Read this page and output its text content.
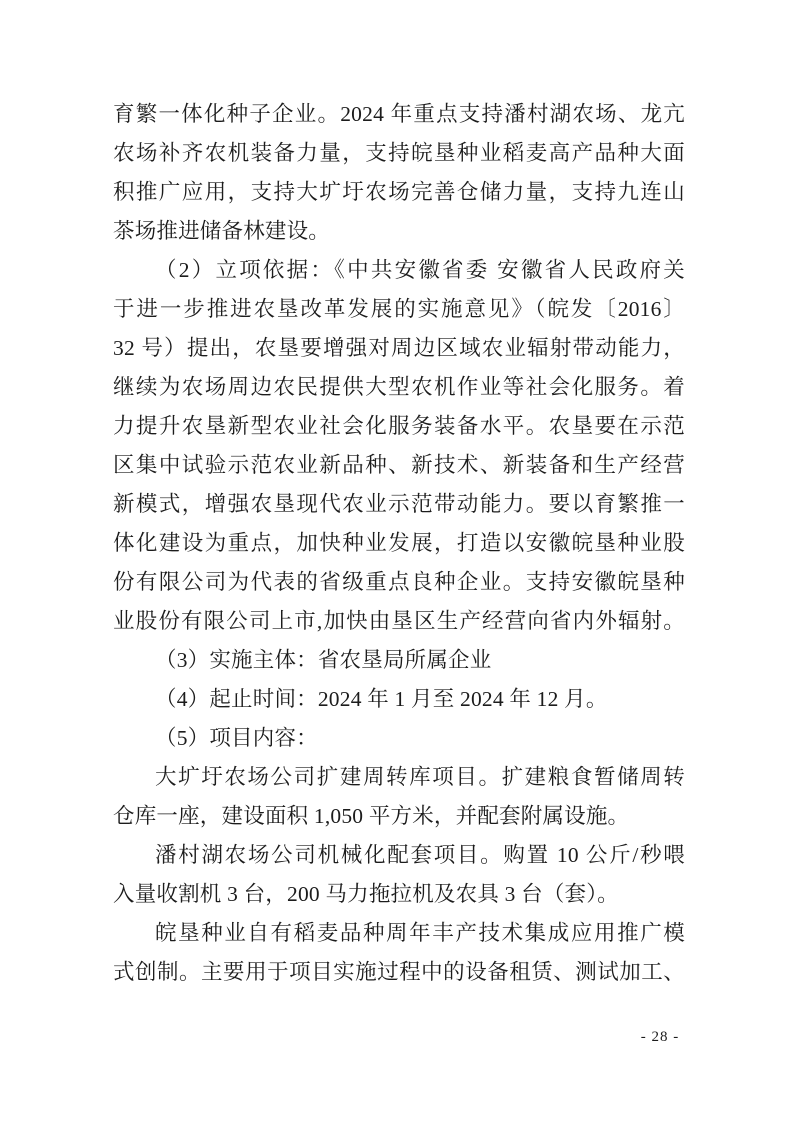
育繁一体化种子企业。2024 年重点支持潘村湖农场、龙亢
农场补齐农机装备力量，支持皖垦种业稻麦高产品种大面
积推广应用，支持大圹圩农场完善仓储力量，支持九连山
茶场推进储备林建设。
（2）立项依据：《中共安徽省委 安徽省人民政府关
于进一步推进农垦改革发展的实施意见》（皖发〔2016〕
32 号）提出，农垦要增强对周边区域农业辐射带动能力，
继续为农场周边农民提供大型农机作业等社会化服务。着
力提升农垦新型农业社会化服务装备水平。农垦要在示范
区集中试验示范农业新品种、新技术、新装备和生产经营
新模式，增强农垦现代农业示范带动能力。要以育繁推一
体化建设为重点，加快种业发展，打造以安徽皖垦种业股
份有限公司为代表的省级重点良种企业。支持安徽皖垦种
业股份有限公司上市,加快由垦区生产经营向省内外辐射。
（3）实施主体：省农垦局所属企业
（4）起止时间：2024 年 1 月至 2024 年 12 月。
（5）项目内容：
大圹圩农场公司扩建周转库项目。扩建粮食暂储周转
仓库一座，建设面积 1,050 平方米，并配套附属设施。
潘村湖农场公司机械化配套项目。购置 10 公斤/秒喂
入量收割机 3 台，200 马力拖拉机及农具 3 台（套）。
皖垦种业自有稻麦品种周年丰产技术集成应用推广模
式创制。主要用于项目实施过程中的设备租赁、测试加工、
- 28 -
